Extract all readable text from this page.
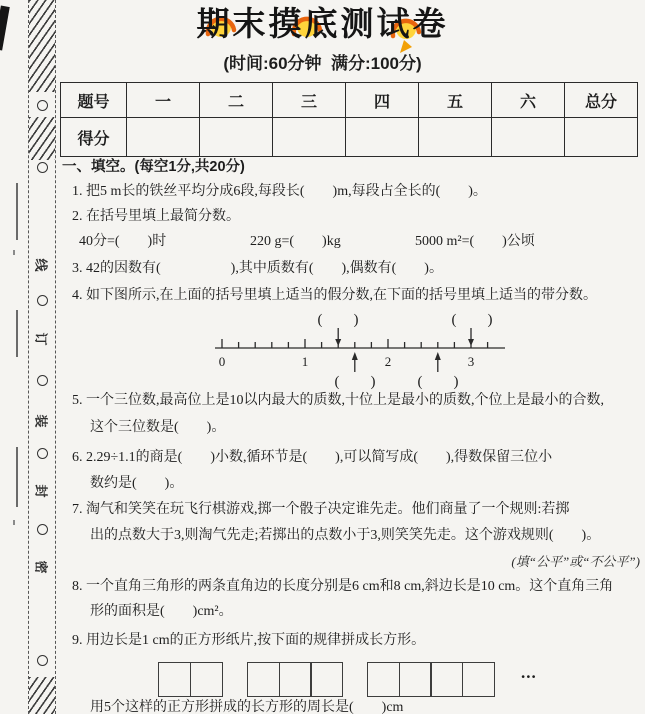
线
订
装
封
密
期末摸底测试卷
(时间:60分钟  满分:100分)
题号	一	二	三	四	五	六	总分
得分							
一、填空。(每空1分,共20分)
1. 把5 m长的铁丝平均分成6段,每段长(        )m,每段占全长的(        )。
2. 在括号里填上最简分数。
40分=(        )时	220 g=(        )kg	5000 m²=(        )公顷
3. 42的因数有(                    ),其中质数有(        ),偶数有(        )。
4. 如下图所示,在上面的括号里填上适当的假分数,在下面的括号里填上适当的带分数。
( )	( )
0	1	2	3
( )	( )
5. 一个三位数,最高位上是10以内最大的质数,十位上是最小的质数,个位上是最小的合数,
这个三位数是(        )。
6. 2.29÷1.1的商是(        )小数,循环节是(        ),可以简写成(        ),得数保留三位小
数约是(        )。
7. 淘气和笑笑在玩飞行棋游戏,掷一个骰子决定谁先走。他们商量了一个规则:若掷
出的点数大于3,则淘气先走;若掷出的点数小于3,则笑笑先走。这个游戏规则(        )。
(填“公平”或“不公平”)
8. 一个直角三角形的两条直角边的长度分别是6 cm和8 cm,斜边长是10 cm。这个直角三角
形的面积是(        )cm²。
9. 用边长是1 cm的正方形纸片,按下面的规律拼成长方形。
...
用5个这样的正方形拼成的长方形的周长是(        )cm
